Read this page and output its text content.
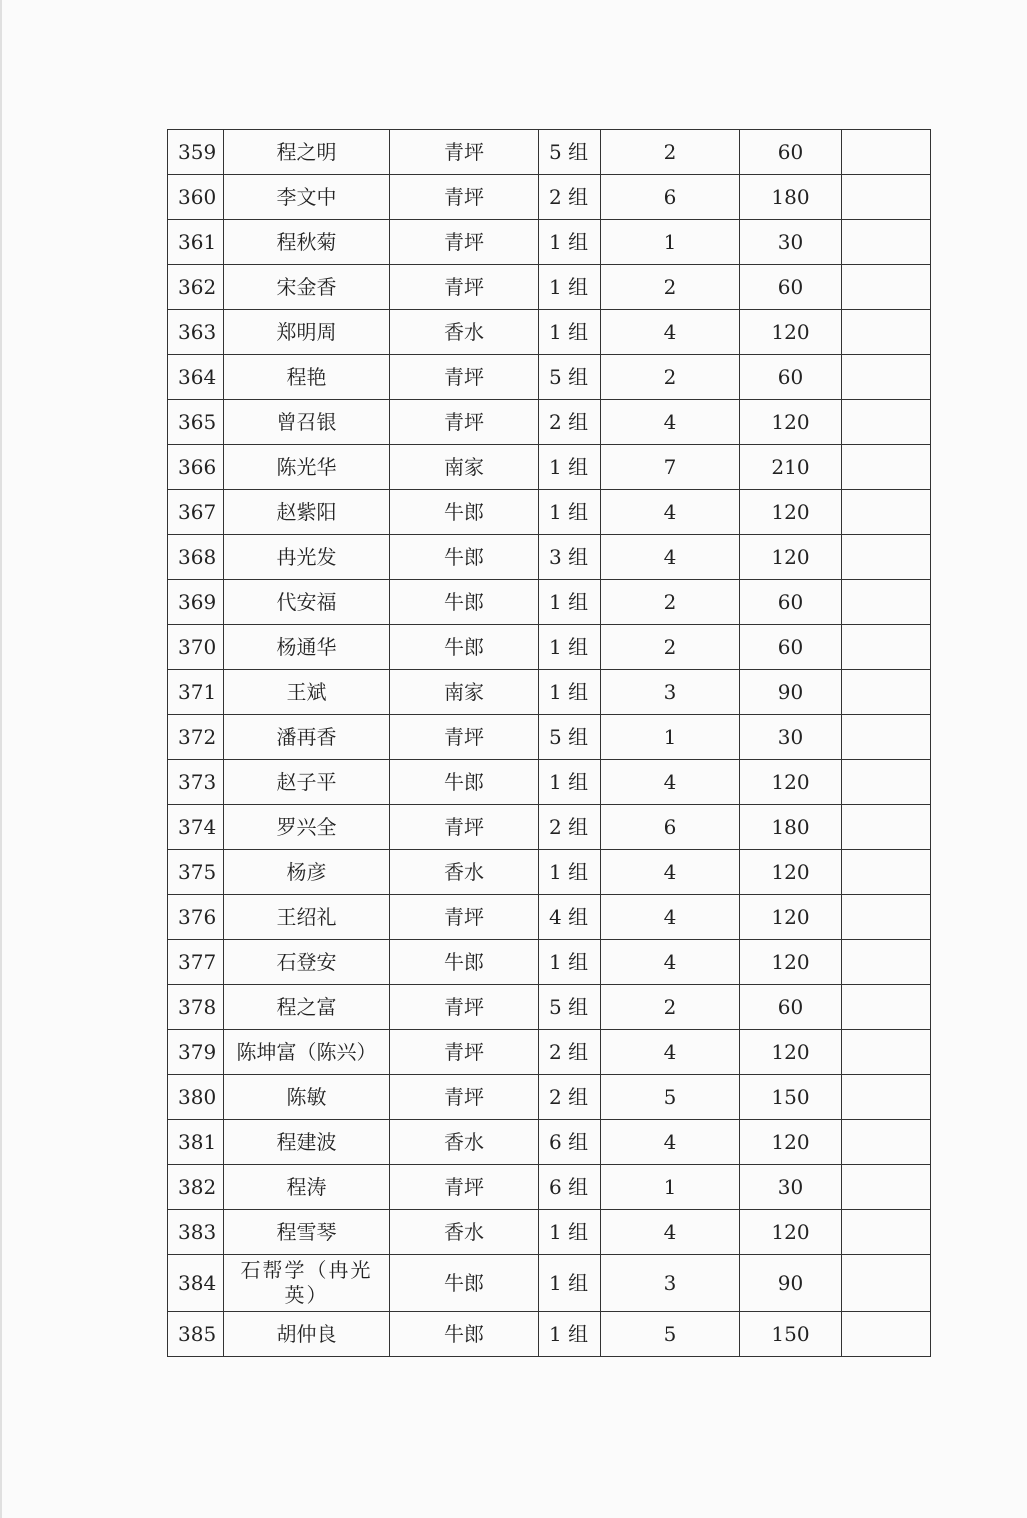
359	程之明	青坪	5 组	2	60	
360	李文中	青坪	2 组	6	180	
361	程秋菊	青坪	1 组	1	30	
362	宋金香	青坪	1 组	2	60	
363	郑明周	香水	1 组	4	120	
364	程艳	青坪	5 组	2	60	
365	曾召银	青坪	2 组	4	120	
366	陈光华	南家	1 组	7	210	
367	赵紫阳	牛郎	1 组	4	120	
368	冉光发	牛郎	3 组	4	120	
369	代安福	牛郎	1 组	2	60	
370	杨通华	牛郎	1 组	2	60	
371	王斌	南家	1 组	3	90	
372	潘再香	青坪	5 组	1	30	
373	赵子平	牛郎	1 组	4	120	
374	罗兴全	青坪	2 组	6	180	
375	杨彦	香水	1 组	4	120	
376	王绍礼	青坪	4 组	4	120	
377	石登安	牛郎	1 组	4	120	
378	程之富	青坪	5 组	2	60	
379	陈坤富（陈兴）	青坪	2 组	4	120	
380	陈敏	青坪	2 组	5	150	
381	程建波	香水	6 组	4	120	
382	程涛	青坪	6 组	1	30	
383	程雪琴	香水	1 组	4	120	
384	石帮学（冉光英）	牛郎	1 组	3	90	
385	胡仲良	牛郎	1 组	5	150	
